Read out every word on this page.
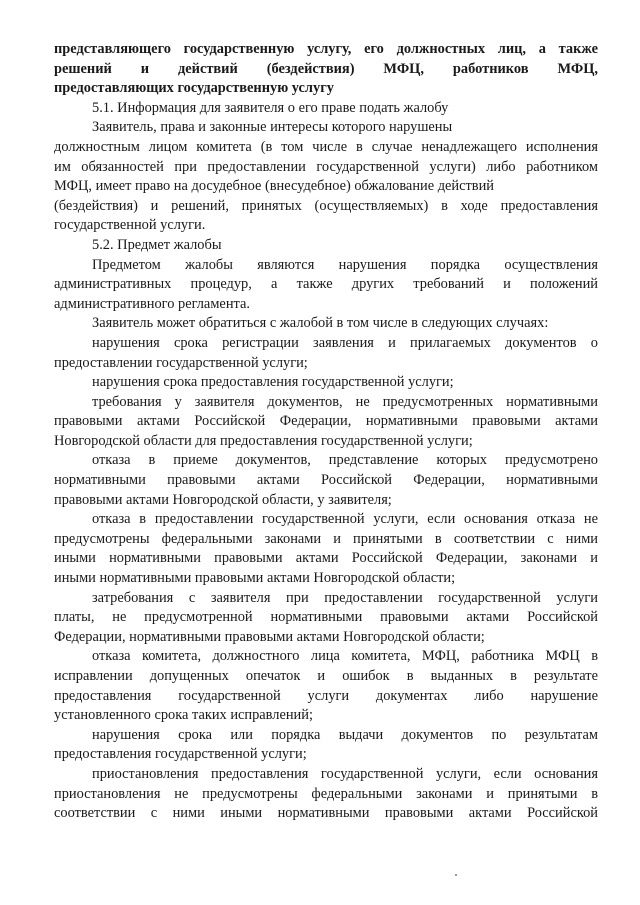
представляющего государственную услугу, его должностных лиц, а также
решений и действий (бездействия) МФЦ, работников МФЦ,
предоставляющих государственную услугу
5.1. Информация для заявителя о его праве подать жалобу
Заявитель, права и законные интересы которого нарушены
должностным лицом комитета (в том числе в случае ненадлежащего исполнения
им обязанностей при предоставлении государственной услуги) либо работником
МФЦ, имеет право на досудебное (внесудебное) обжалование действий
(бездействия) и решений, принятых (осуществляемых) в ходе предоставления
государственной услуги.
5.2. Предмет жалобы
Предметом жалобы являются нарушения порядка осуществления
административных процедур, а также других требований и положений
административного регламента.
Заявитель может обратиться с жалобой в том числе в следующих случаях:
нарушения срока регистрации заявления и прилагаемых документов о
предоставлении государственной услуги;
нарушения срока предоставления государственной услуги;
требования у заявителя документов, не предусмотренных нормативными
правовыми актами Российской Федерации, нормативными правовыми актами
Новгородской области для предоставления государственной услуги;
отказа в приеме документов, представление которых предусмотрено
нормативными правовыми актами Российской Федерации, нормативными
правовыми актами Новгородской области, у заявителя;
отказа в предоставлении государственной услуги, если основания отказа не
предусмотрены федеральными законами и принятыми в соответствии с ними
иными нормативными правовыми актами Российской Федерации, законами и
иными нормативными правовыми актами Новгородской области;
затребования с заявителя при предоставлении государственной услуги
платы, не предусмотренной нормативными правовыми актами Российской
Федерации, нормативными правовыми актами Новгородской области;
отказа комитета, должностного лица комитета, МФЦ, работника МФЦ в
исправлении допущенных опечаток и ошибок в выданных в результате
предоставления государственной услуги документах либо нарушение
установленного срока таких исправлений;
нарушения срока или порядка выдачи документов по результатам
предоставления государственной услуги;
приостановления предоставления государственной услуги, если основания
приостановления не предусмотрены федеральными законами и принятыми в
соответствии с ними иными нормативными правовыми актами Российской
